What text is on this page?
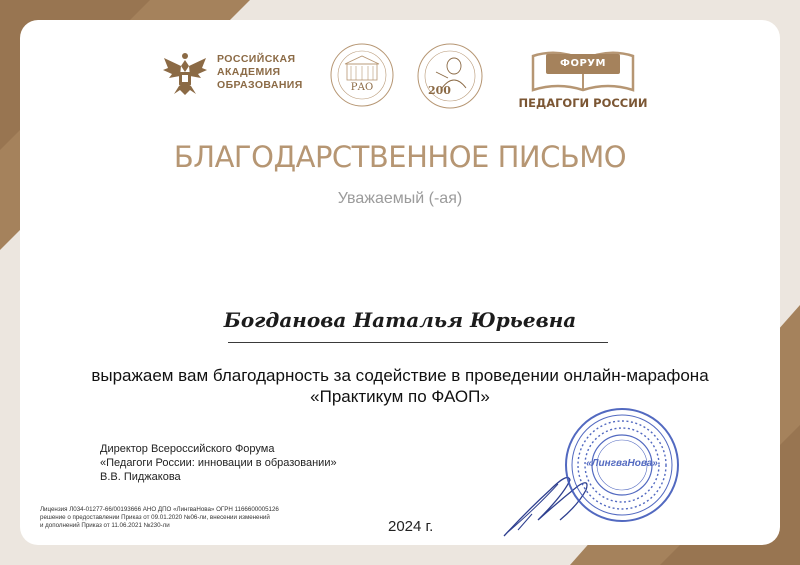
РОССИЙСКАЯ
АКАДЕМИЯ
ОБРАЗОВАНИЯ	РАО	200
ФОРУМ
ПЕДАГОГИ РОССИИ
БЛАГОДАРСТВЕННОЕ ПИСЬМО
Уважаемый (-ая)
Богданова Наталья Юрьевна
выражаем вам благодарность за содействие в проведении онлайн-марафона
«Практикум по ФАОП»
Директор Всероссийского Форума
«Педагоги России: инновации в образовании»
В.В. Пиджакова
Лицензия Л034-01277-66/00193666 АНО ДПО «ЛингваНова» ОГРН 1166600005126
решение о предоставлении Приказ от 09.01.2020 №06-ли, внесении изменений
и дополнений Приказ от 11.06.2021 №230-ли	2024 г.
«ЛингваНова»
